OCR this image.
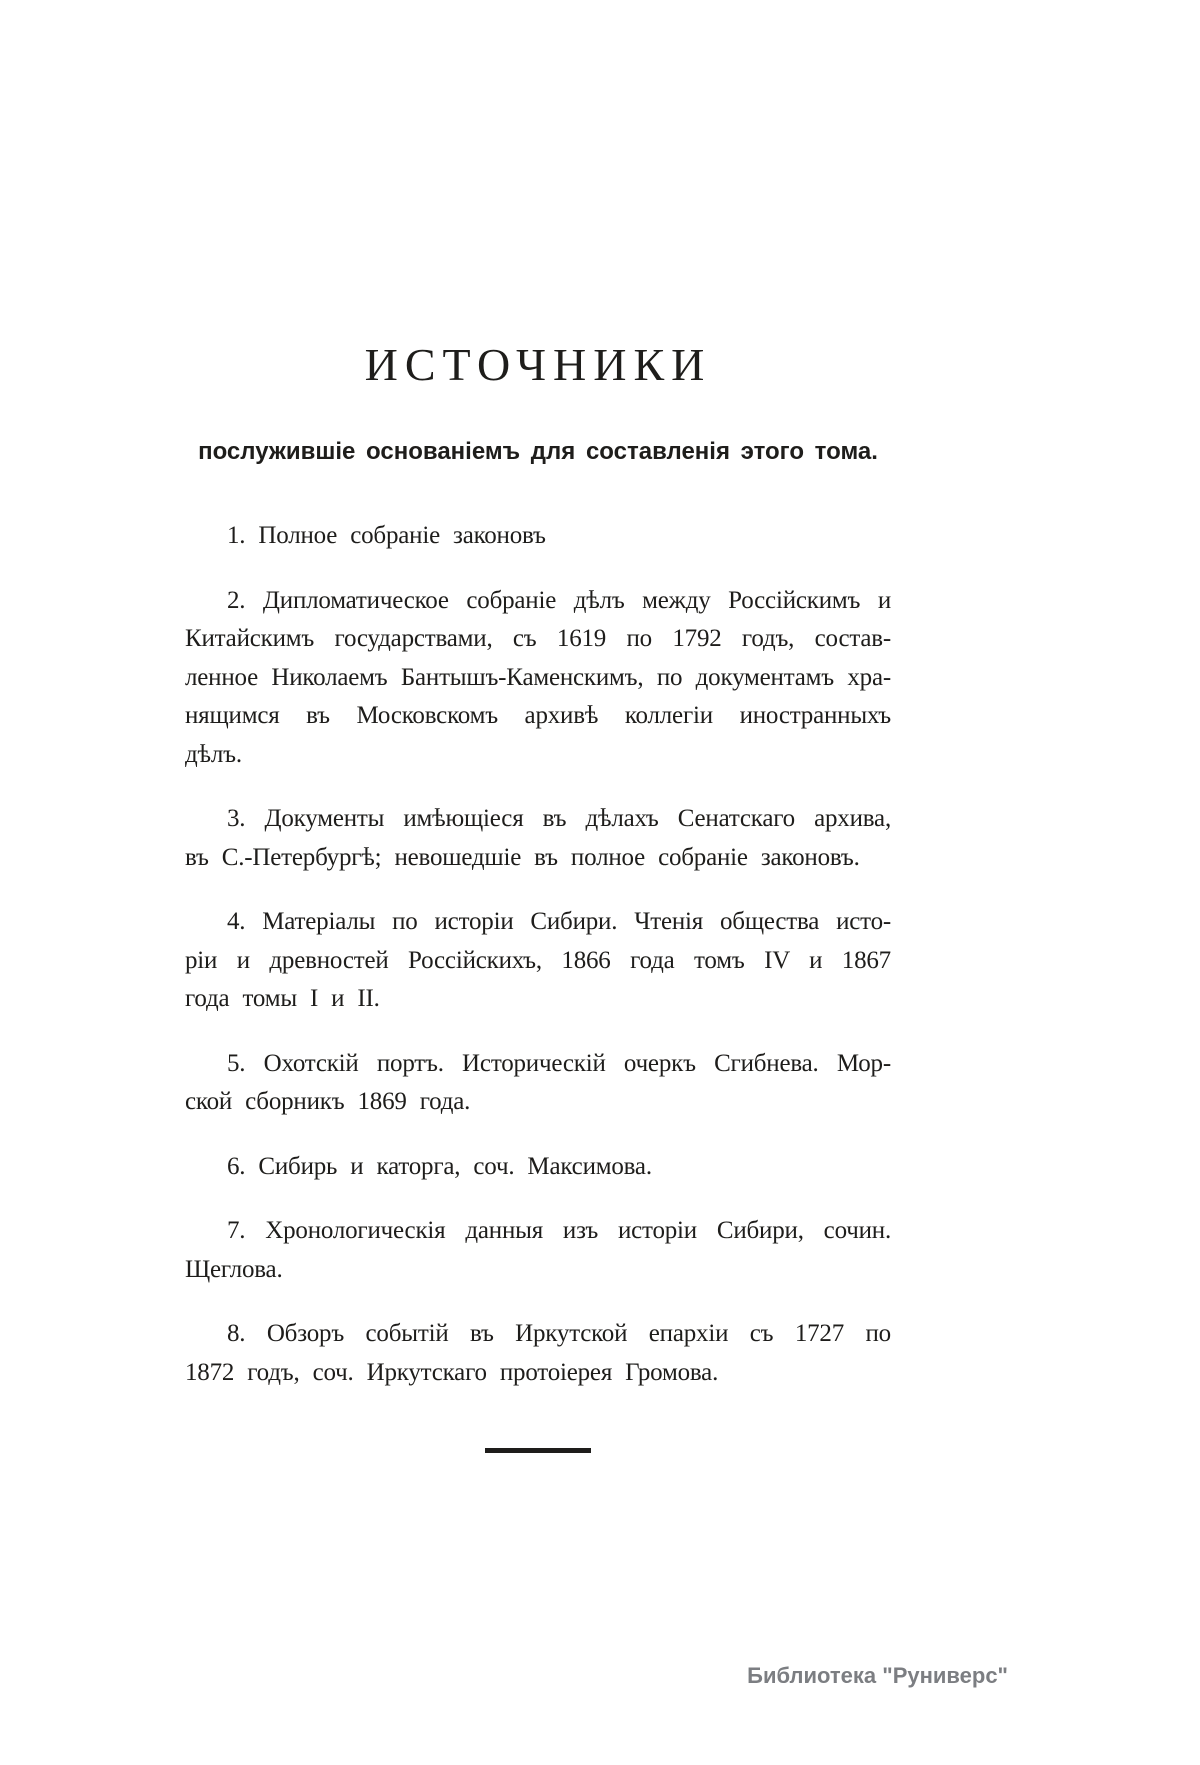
ИСТОЧНИКИ
послужившіе основаніемъ для составленія этого тома.

1. Полное собраніе законовъ

2. Дипломатическое собраніе дѣлъ между Россійскимъ и
Китайскимъ государствами, съ 1619 по 1792 годъ, состав-
ленное Николаемъ Бантышъ-Каменскимъ, по документамъ хра-
нящимся въ Московскомъ архивѣ коллегіи иностранныхъ дѣлъ.

3. Документы имѣющіеся въ дѣлахъ Сенатскаго архива,
въ С.-Петербургѣ; невошедшіе въ полное собраніе законовъ.

4. Матеріалы по исторіи Сибири. Чтенія общества исто-
ріи и древностей Россійскихъ, 1866 года томъ IV и 1867
года томы I и II.

5. Охотскій портъ. Историческій очеркъ Сгибнева. Мор-
ской сборникъ 1869 года.

6. Сибирь и каторга, соч. Максимова.

7. Хронологическія данныя изъ исторіи Сибири, сочин.
Щеглова.

8. Обзоръ событій въ Иркутской епархіи съ 1727 по
1872 годъ, соч. Иркутскаго протоіерея Громова.

Библиотека "Руниверс"
